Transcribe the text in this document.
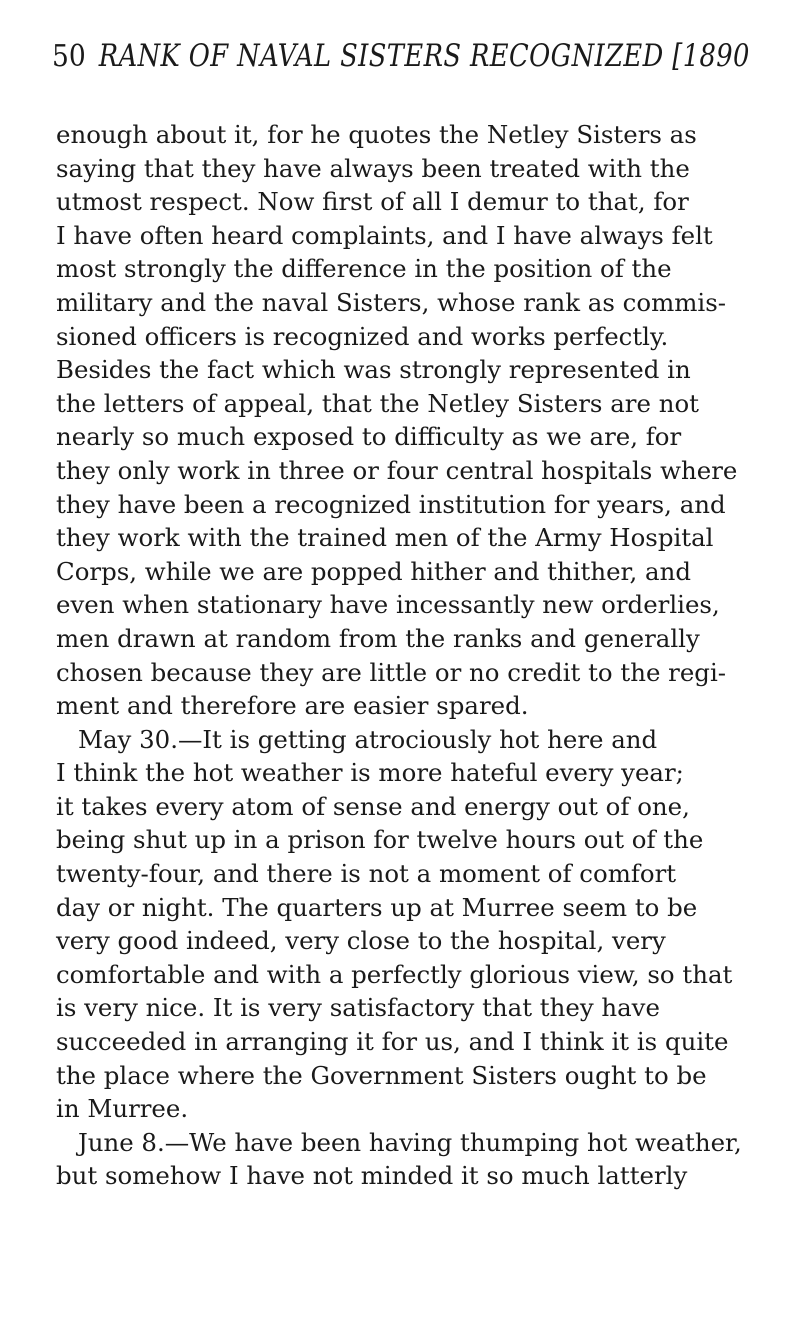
50 RANK OF NAVAL SISTERS RECOGNIZED [1890
enough about it, for he quotes the Netley Sisters as
saying that they have always been treated with the
utmost respect. Now first of all I demur to that, for
I have often heard complaints, and I have always felt
most strongly the difference in the position of the
military and the naval Sisters, whose rank as commis-
sioned officers is recognized and works perfectly.
Besides the fact which was strongly represented in
the letters of appeal, that the Netley Sisters are not
nearly so much exposed to difficulty as we are, for
they only work in three or four central hospitals where
they have been a recognized institution for years, and
they work with the trained men of the Army Hospital
Corps, while we are popped hither and thither, and
even when stationary have incessantly new orderlies,
men drawn at random from the ranks and generally
chosen because they are little or no credit to the regi-
ment and therefore are easier spared.
May 30.—It is getting atrociously hot here and
I think the hot weather is more hateful every year;
it takes every atom of sense and energy out of one,
being shut up in a prison for twelve hours out of the
twenty-four, and there is not a moment of comfort
day or night. The quarters up at Murree seem to be
very good indeed, very close to the hospital, very
comfortable and with a perfectly glorious view, so that
is very nice. It is very satisfactory that they have
succeeded in arranging it for us, and I think it is quite
the place where the Government Sisters ought to be
in Murree.
June 8.—We have been having thumping hot weather,
but somehow I have not minded it so much latterly
